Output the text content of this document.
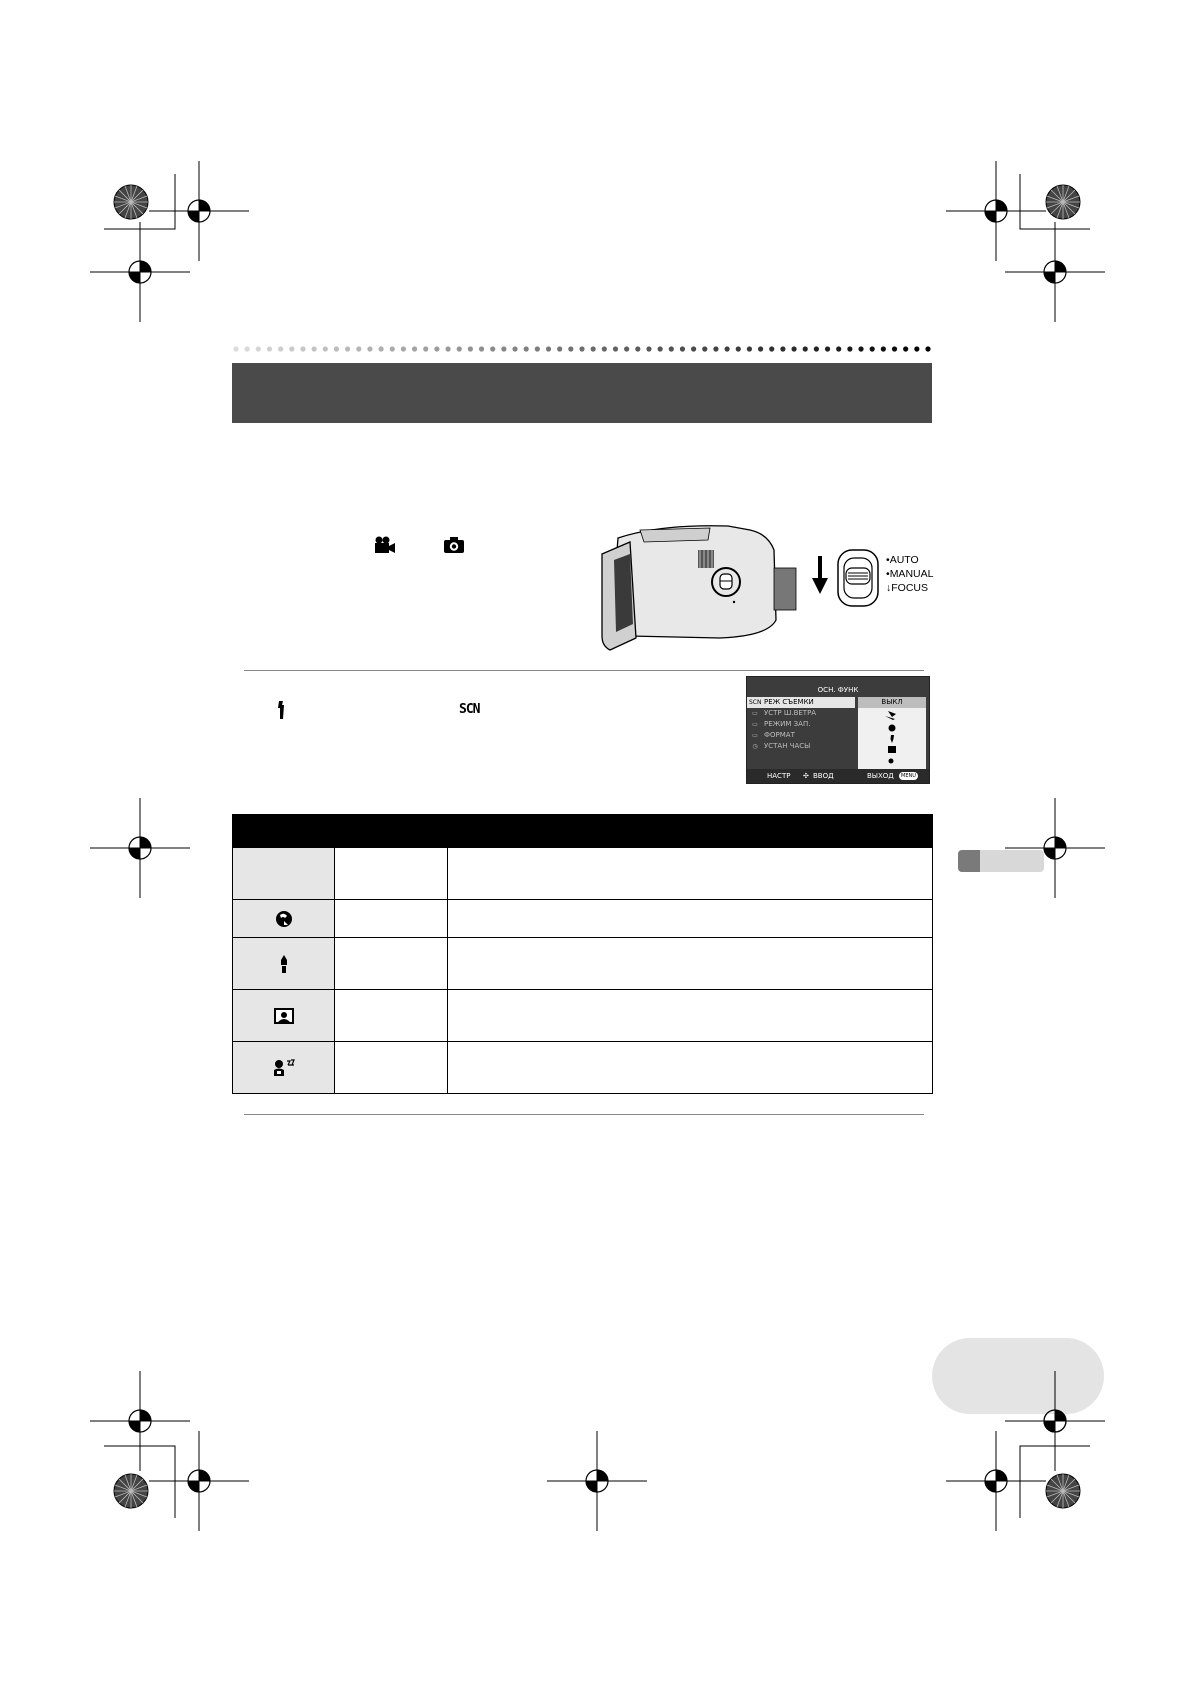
•AUTO
•MANUAL
↓FOCUS
SCN
ОСН. ФУНК
SCN РЕЖ СЪЕМКИ
▭ УСТР Ш.ВЕТРА
▭ РЕЖИМ ЗАП.
▭ ФОРМАТ
◷ УСТАН ЧАСЫ
ВЫКЛ
НАСТР ✣ ВВОД	ВЫХОД	MENU
